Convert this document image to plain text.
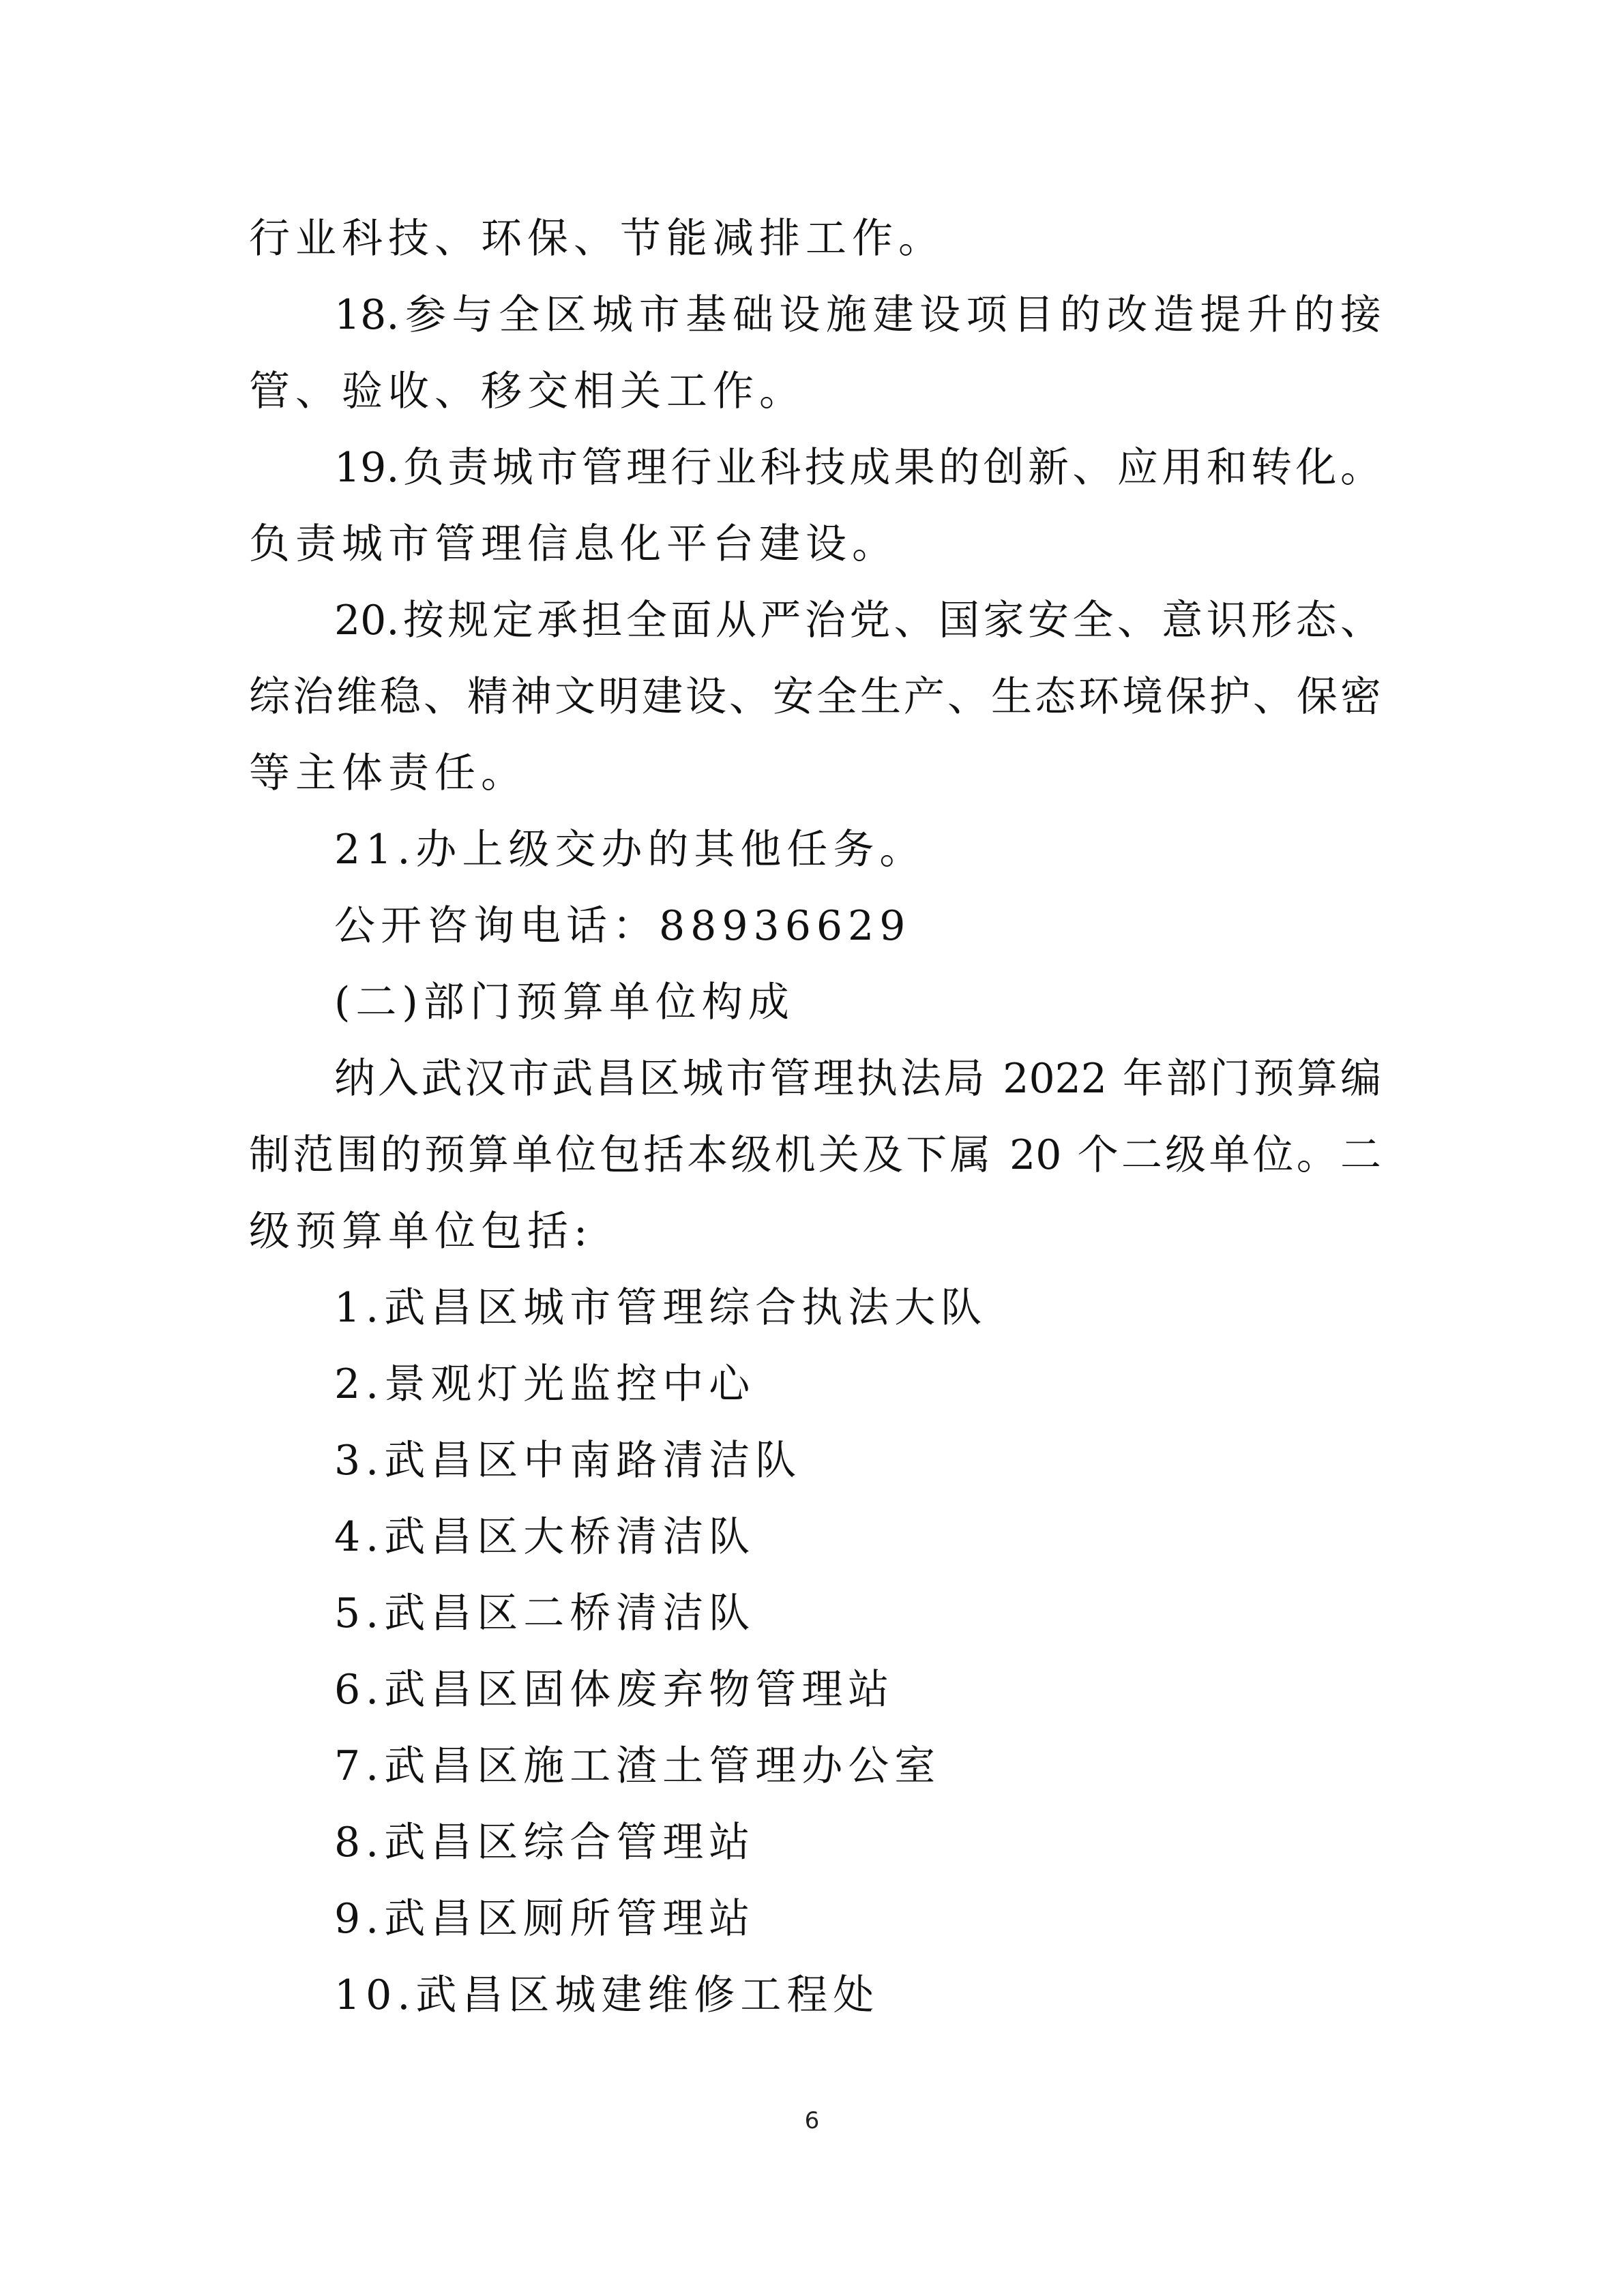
行业科技、环保、节能减排工作。
18.参与全区城市基础设施建设项目的改造提升的接
管、验收、移交相关工作。
19.负责城市管理行业科技成果的创新、应用和转化。
负责城市管理信息化平台建设。
20.按规定承担全面从严治党、国家安全、意识形态、
综治维稳、精神文明建设、安全生产、生态环境保护、保密
等主体责任。
21.办上级交办的其他任务。
公开咨询电话：88936629
(二)部门预算单位构成
纳入武汉市武昌区城市管理执法局 2022 年部门预算编
制范围的预算单位包括本级机关及下属 20 个二级单位。二
级预算单位包括:
1.武昌区城市管理综合执法大队
2.景观灯光监控中心
3.武昌区中南路清洁队
4.武昌区大桥清洁队
5.武昌区二桥清洁队
6.武昌区固体废弃物管理站
7.武昌区施工渣土管理办公室
8.武昌区综合管理站
9.武昌区厕所管理站
10.武昌区城建维修工程处
6
